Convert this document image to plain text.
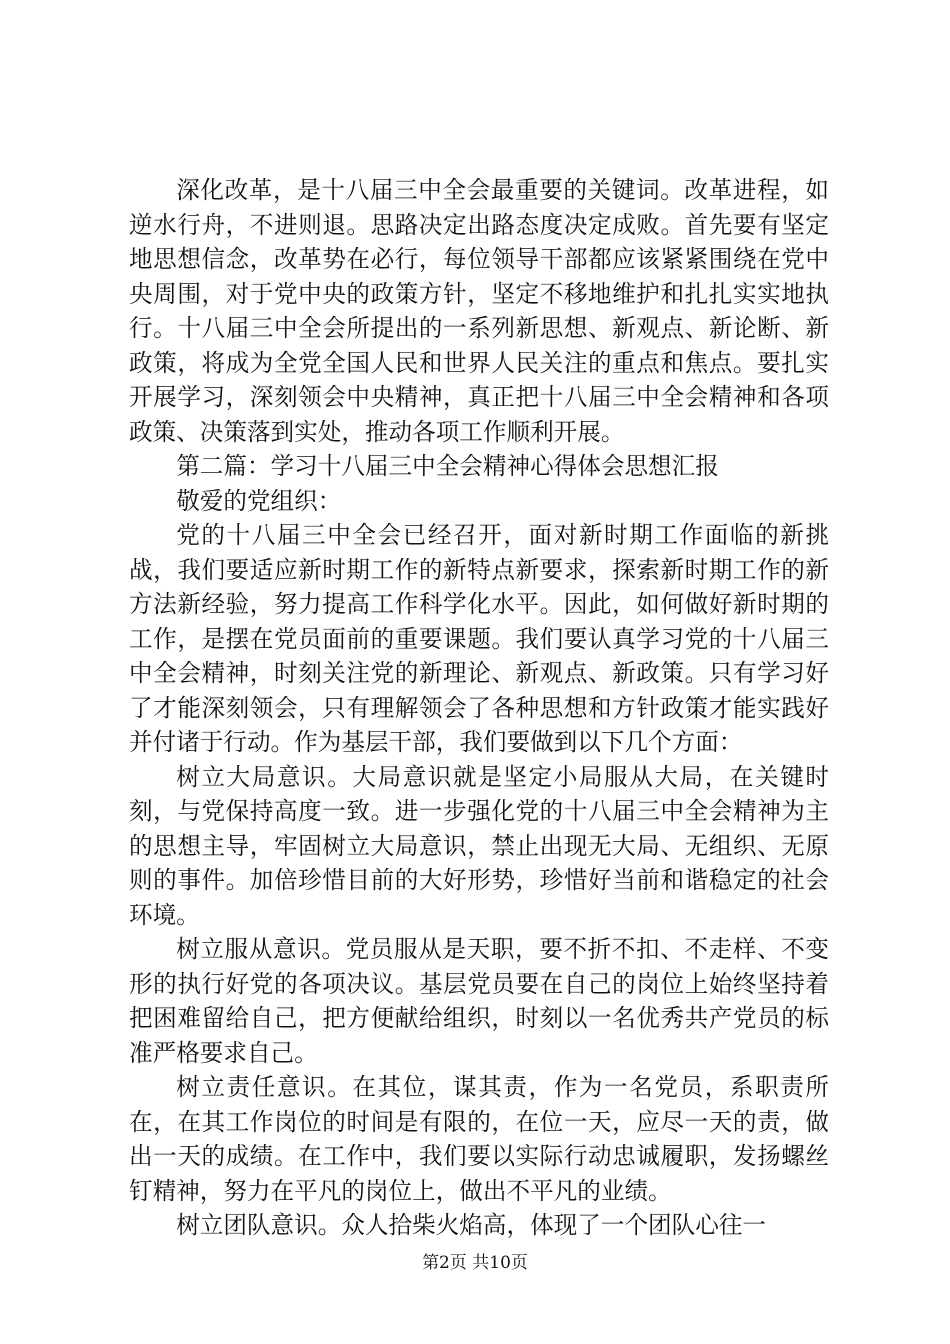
深化改革，是十八届三中全会最重要的关键词。改革进程，如逆水行舟，不进则退。思路决定出路态度决定成败。首先要有坚定地思想信念，改革势在必行，每位领导干部都应该紧紧围绕在党中央周围，对于党中央的政策方针，坚定不移地维护和扎扎实实地执行。十八届三中全会所提出的一系列新思想、新观点、新论断、新政策，将成为全党全国人民和世界人民关注的重点和焦点。要扎实开展学习，深刻领会中央精神，真正把十八届三中全会精神和各项政策、决策落到实处，推动各项工作顺利开展。

第二篇：学习十八届三中全会精神心得体会思想汇报

敬爱的党组织：

党的十八届三中全会已经召开，面对新时期工作面临的新挑战，我们要适应新时期工作的新特点新要求，探索新时期工作的新方法新经验，努力提高工作科学化水平。因此，如何做好新时期的工作，是摆在党员面前的重要课题。我们要认真学习党的十八届三中全会精神，时刻关注党的新理论、新观点、新政策。只有学习好了才能深刻领会，只有理解领会了各种思想和方针政策才能实践好并付诸于行动。作为基层干部，我们要做到以下几个方面：

树立大局意识。大局意识就是坚定小局服从大局，在关键时刻，与党保持高度一致。进一步强化党的十八届三中全会精神为主的思想主导，牢固树立大局意识，禁止出现无大局、无组织、无原则的事件。加倍珍惜目前的大好形势，珍惜好当前和谐稳定的社会环境。

树立服从意识。党员服从是天职，要不折不扣、不走样、不变形的执行好党的各项决议。基层党员要在自己的岗位上始终坚持着把困难留给自己，把方便献给组织，时刻以一名优秀共产党员的标准严格要求自己。

树立责任意识。在其位，谋其责，作为一名党员，系职责所在，在其工作岗位的时间是有限的，在位一天，应尽一天的责，做出一天的成绩。在工作中，我们要以实际行动忠诚履职，发扬螺丝钉精神，努力在平凡的岗位上，做出不平凡的业绩。

树立团队意识。众人拾柴火焰高，体现了一个团队心往一

第2页 共10页
